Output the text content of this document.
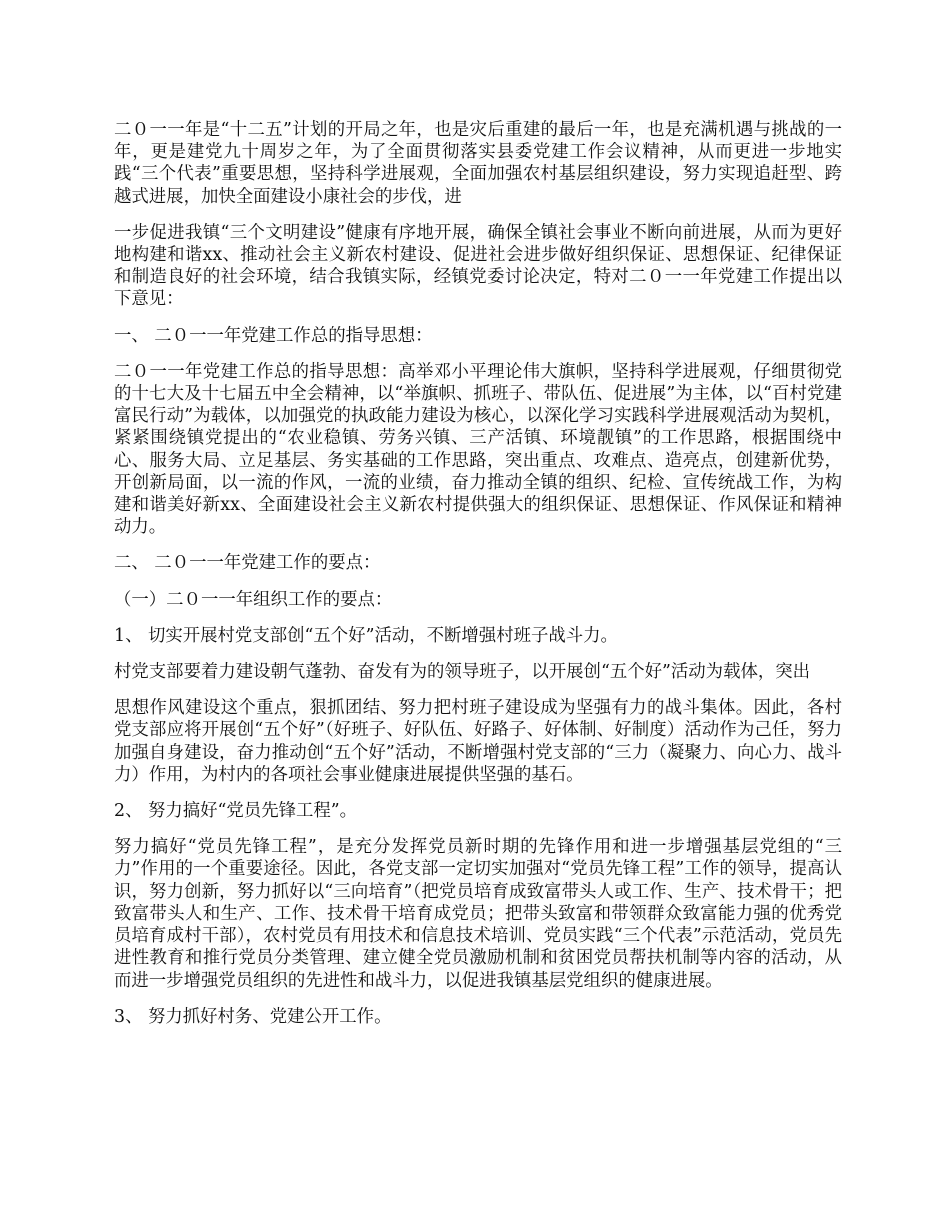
二０一一年是“十二五”计划的开局之年，也是灾后重建的最后一年，也是充满机遇与挑战的一年，更是建党九十周岁之年，为了全面贯彻落实县委党建工作会议精神，从而更进一步地实践“三个代表”重要思想，坚持科学进展观，全面加强农村基层组织建设，努力实现追赶型、跨越式进展，加快全面建设小康社会的步伐，进

一步促进我镇“三个文明建设”健康有序地开展，确保全镇社会事业不断向前进展，从而为更好地构建和谐xx、推动社会主义新农村建设、促进社会进步做好组织保证、思想保证、纪律保证和制造良好的社会环境，结合我镇实际，经镇党委讨论决定，特对二０一一年党建工作提出以下意见：

一、 二０一一年党建工作总的指导思想：

二０一一年党建工作总的指导思想：高举邓小平理论伟大旗帜，坚持科学进展观，仔细贯彻党的十七大及十七届五中全会精神，以“举旗帜、抓班子、带队伍、促进展”为主体，以“百村党建富民行动”为载体，以加强党的执政能力建设为核心，以深化学习实践科学进展观活动为契机，紧紧围绕镇党提出的“农业稳镇、劳务兴镇、三产活镇、环境靓镇”的工作思路，根据围绕中心、服务大局、立足基层、务实基础的工作思路，突出重点、攻难点、造亮点，创建新优势，开创新局面，以一流的作风，一流的业绩，奋力推动全镇的组织、纪检、宣传统战工作，为构建和谐美好新xx、全面建设社会主义新农村提供强大的组织保证、思想保证、作风保证和精神动力。

二、 二０一一年党建工作的要点：

（一）二０一一年组织工作的要点：

1、 切实开展村党支部创“五个好”活动，不断增强村班子战斗力。

村党支部要着力建设朝气蓬勃、奋发有为的领导班子，以开展创“五个好”活动为载体，突出

思想作风建设这个重点，狠抓团结、努力把村班子建设成为坚强有力的战斗集体。因此，各村党支部应将开展创“五个好”（好班子、好队伍、好路子、好体制、好制度）活动作为己任，努力加强自身建设，奋力推动创“五个好”活动，不断增强村党支部的“三力（凝聚力、向心力、战斗力）作用，为村内的各项社会事业健康进展提供坚强的基石。

2、 努力搞好“党员先锋工程”。

努力搞好“党员先锋工程”，是充分发挥党员新时期的先锋作用和进一步增强基层党组的“三力”作用的一个重要途径。因此，各党支部一定切实加强对“党员先锋工程”工作的领导，提高认识，努力创新，努力抓好以“三向培育”（把党员培育成致富带头人或工作、生产、技术骨干；把致富带头人和生产、工作、技术骨干培育成党员；把带头致富和带领群众致富能力强的优秀党员培育成村干部），农村党员有用技术和信息技术培训、党员实践“三个代表”示范活动，党员先进性教育和推行党员分类管理、建立健全党员激励机制和贫困党员帮扶机制等内容的活动，从而进一步增强党员组织的先进性和战斗力，以促进我镇基层党组织的健康进展。

3、 努力抓好村务、党建公开工作。
